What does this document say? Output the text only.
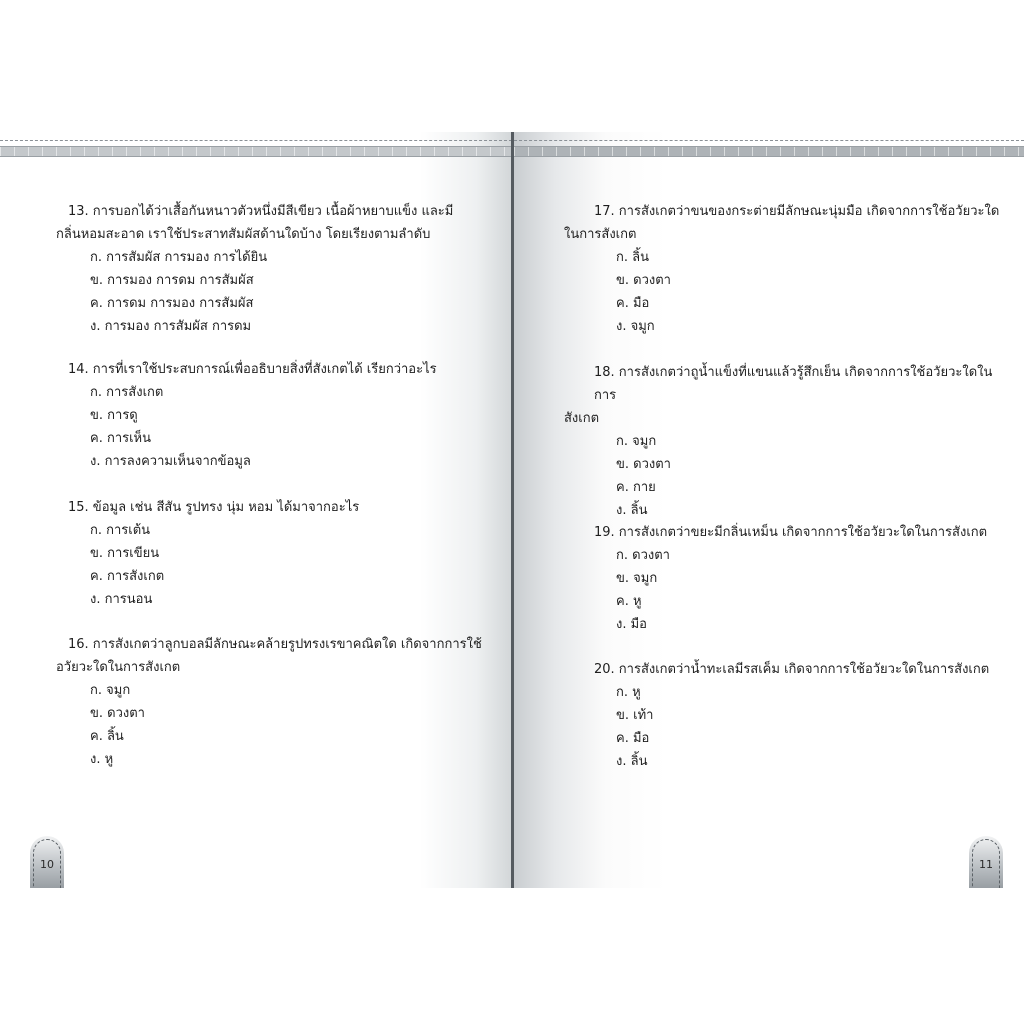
13. การบอกได้ว่าเสื้อกันหนาวตัวหนึ่งมีสีเขียว เนื้อผ้าหยาบแข็ง และมี

กลิ่นหอมสะอาด เราใช้ประสาทสัมผัสด้านใดบ้าง โดยเรียงตามลำดับ

ก. การสัมผัส การมอง การได้ยิน
ข. การมอง การดม การสัมผัส
ค. การดม การมอง การสัมผัส
ง. การมอง การสัมผัส การดม

14. การที่เราใช้ประสบการณ์เพื่ออธิบายสิ่งที่สังเกตได้ เรียกว่าอะไร

ก. การสังเกต
ข. การดู
ค. การเห็น
ง. การลงความเห็นจากข้อมูล

15. ข้อมูล เช่น สีสัน รูปทรง นุ่ม หอม ได้มาจากอะไร

ก. การเต้น
ข. การเขียน
ค. การสังเกต
ง. การนอน

16. การสังเกตว่าลูกบอลมีลักษณะคล้ายรูปทรงเรขาคณิตใด เกิดจากการใช้

อวัยวะใดในการสังเกต

ก. จมูก
ข. ดวงตา
ค. ลิ้น
ง. หู
10

17. การสังเกตว่าขนของกระต่ายมีลักษณะนุ่มมือ เกิดจากการใช้อวัยวะใด

ในการสังเกต

ก. ลิ้น
ข. ดวงตา
ค. มือ
ง. จมูก

18. การสังเกตว่าถูน้ำแข็งที่แขนแล้วรู้สึกเย็น เกิดจากการใช้อวัยวะใดในการ

สังเกต

ก. จมูก
ข. ดวงตา
ค. กาย
ง. ลิ้น

19. การสังเกตว่าขยะมีกลิ่นเหม็น เกิดจากการใช้อวัยวะใดในการสังเกต

ก. ดวงตา
ข. จมูก
ค. หู
ง. มือ

20. การสังเกตว่าน้ำทะเลมีรสเค็ม เกิดจากการใช้อวัยวะใดในการสังเกต

ก. หู
ข. เท้า
ค. มือ
ง. ลิ้น
11
